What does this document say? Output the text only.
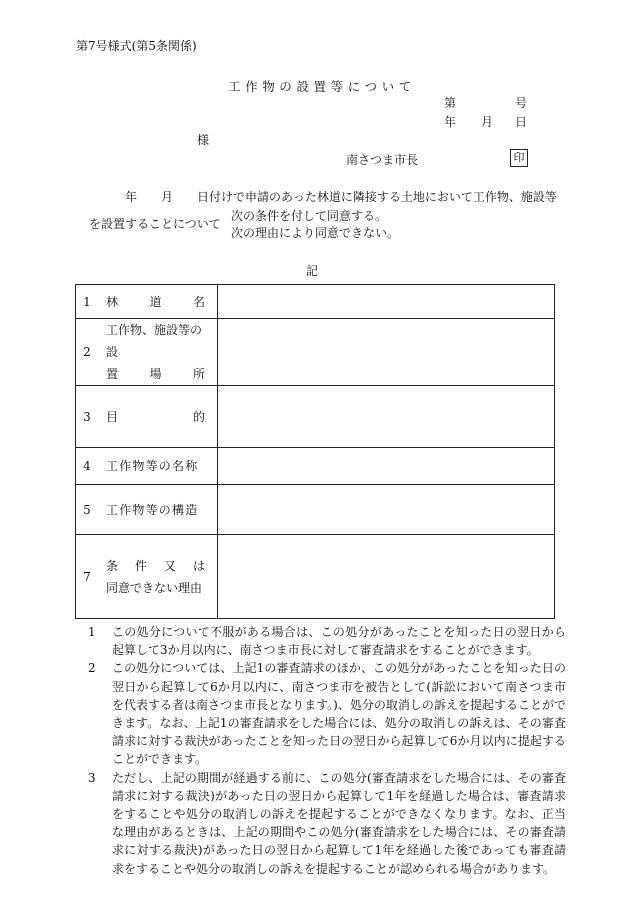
第7号様式(第5条関係)
工作物の設置等について
第	号
年 月 日
様
南さつま市長	印
年 月 日付けで申請のあった林道に隣接する土地において工作物、施設等
を設置することについて
次の条件を付して同意する。
次の理由により同意できない。
記
1	林 道 名	

2	工作物、施設等の設
置 場 所	

3	目 的	

4	工作物等の名称	

5	工作物等の構造	

7	条 件 又 は
同意できない理由	

1	この処分について不服がある場合は、この処分があったことを知った日の翌日から起算して3か月以内に、南さつま市長に対して審査請求をすることができます。
2	この処分については、上記1の審査請求のほか、この処分があったことを知った日の翌日から起算して6か月以内に、南さつま市を被告として(訴訟において南さつま市を代表する者は南さつま市長となります。)、処分の取消しの訴えを提起することができます。なお、上記1の審査請求をした場合には、処分の取消しの訴えは、その審査請求に対する裁決があったことを知った日の翌日から起算して6か月以内に提起することができます。
3	ただし、上記の期間が経過する前に、この処分(審査請求をした場合には、その審査請求に対する裁決)があった日の翌日から起算して1年を経過した場合は、審査請求をすることや処分の取消しの訴えを提起することができなくなります。なお、正当な理由があるときは、上記の期間やこの処分(審査請求をした場合には、その審査請求に対する裁決)があった日の翌日から起算して1年を経過した後であっても審査請求をすることや処分の取消しの訴えを提起することが認められる場合があります。
